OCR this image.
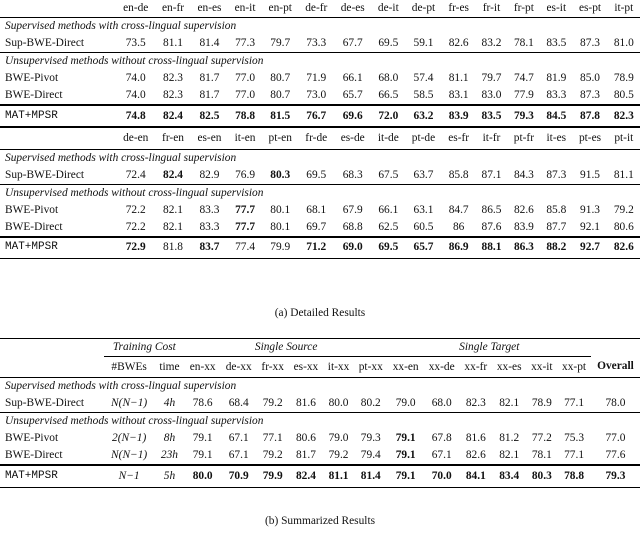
	en-de	en-fr	en-es	en-it	en-pt	de-fr	de-es	de-it	de-pt	fr-es	fr-it	fr-pt	es-it	es-pt	it-pt
Supervised methods with cross-lingual supervision															
Sup-BWE-Direct	73.5	81.1	81.4	77.3	79.7	73.3	67.7	69.5	59.1	82.6	83.2	78.1	83.5	87.3	81.0
Unsupervised methods without cross-lingual supervision															
BWE-Pivot	74.0	82.3	81.7	77.0	80.7	71.9	66.1	68.0	57.4	81.1	79.7	74.7	81.9	85.0	78.9
BWE-Direct	74.0	82.3	81.7	77.0	80.7	73.0	65.7	66.5	58.5	83.1	83.0	77.9	83.3	87.3	80.5
MAT+MPSR	74.8	82.4	82.5	78.8	81.5	76.7	69.6	72.0	63.2	83.9	83.5	79.3	84.5	87.8	82.3
	de-en	fr-en	es-en	it-en	pt-en	fr-de	es-de	it-de	pt-de	es-fr	it-fr	pt-fr	it-es	pt-es	pt-it
Supervised methods with cross-lingual supervision															
Sup-BWE-Direct	72.4	82.4	82.9	76.9	80.3	69.5	68.3	67.5	63.7	85.8	87.1	84.3	87.3	91.5	81.1
Unsupervised methods without cross-lingual supervision															
BWE-Pivot	72.2	82.1	83.3	77.7	80.1	68.1	67.9	66.1	63.1	84.7	86.5	82.6	85.8	91.3	79.2
BWE-Direct	72.2	82.1	83.3	77.7	80.1	69.7	68.8	62.5	60.5	86	87.6	83.9	87.7	92.1	80.6
MAT+MPSR	72.9	81.8	83.7	77.4	79.9	71.2	69.0	69.5	65.7	86.9	88.1	86.3	88.2	92.7	82.6
(a) Detailed Results
	Training Cost		Single Source						Single Target						
	#BWEs	time	en-xx	de-xx	fr-xx	es-xx	it-xx	pt-xx	xx-en	xx-de	xx-fr	xx-es	xx-it	xx-pt	Overall
Supervised methods with cross-lingual supervision															
Sup-BWE-Direct	N(N−1)	4h	78.6	68.4	79.2	81.6	80.0	80.2	79.0	68.0	82.3	82.1	78.9	77.1	78.0
Unsupervised methods without cross-lingual supervision															
BWE-Pivot	2(N−1)	8h	79.1	67.1	77.1	80.6	79.0	79.3	79.1	67.8	81.6	81.2	77.2	75.3	77.0
BWE-Direct	N(N−1)	23h	79.1	67.1	79.2	81.7	79.2	79.4	79.1	67.1	82.6	82.1	78.1	77.1	77.6
MAT+MPSR	N−1	5h	80.0	70.9	79.9	82.4	81.1	81.4	79.1	70.0	84.1	83.4	80.3	78.8	79.3
(b) Summarized Results
